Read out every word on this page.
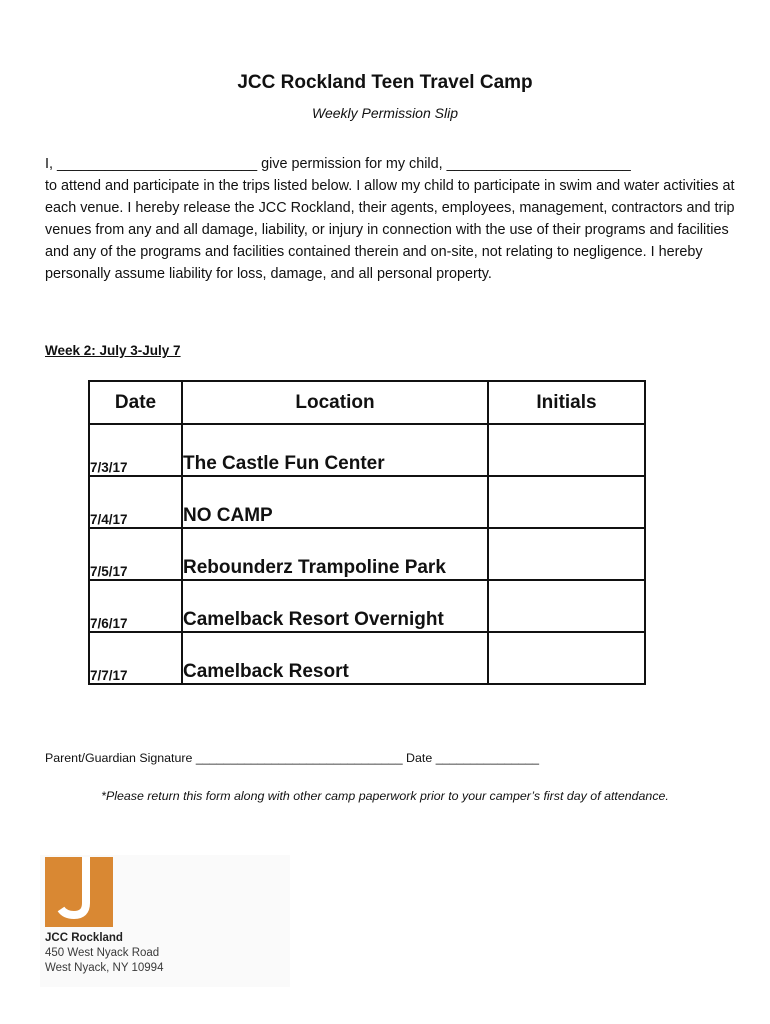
JCC Rockland Teen Travel Camp
Weekly Permission Slip
I, _________________________ give permission for my child, _______________________
to attend and participate in the trips listed below. I allow my child to participate in swim and water activities at each venue. I hereby release the JCC Rockland, their agents, employees, management, contractors and trip venues from any and all damage, liability, or injury in connection with the use of their programs and facilities and any of the programs and facilities contained therein and on-site, not relating to negligence. I hereby personally assume liability for loss, damage, and all personal property.
Week 2: July 3-July 7
Date	Location	Initials
7/3/17	The Castle Fun Center	
7/4/17	NO CAMP	
7/5/17	Rebounderz Trampoline Park	
7/6/17	Camelback Resort Overnight	
7/7/17	Camelback Resort	
Parent/Guardian Signature ______________________________ Date _______________
*Please return this form along with other camp paperwork prior to your camper’s first day of attendance.
JCC Rockland
450 West Nyack Road
West Nyack, NY 10994
